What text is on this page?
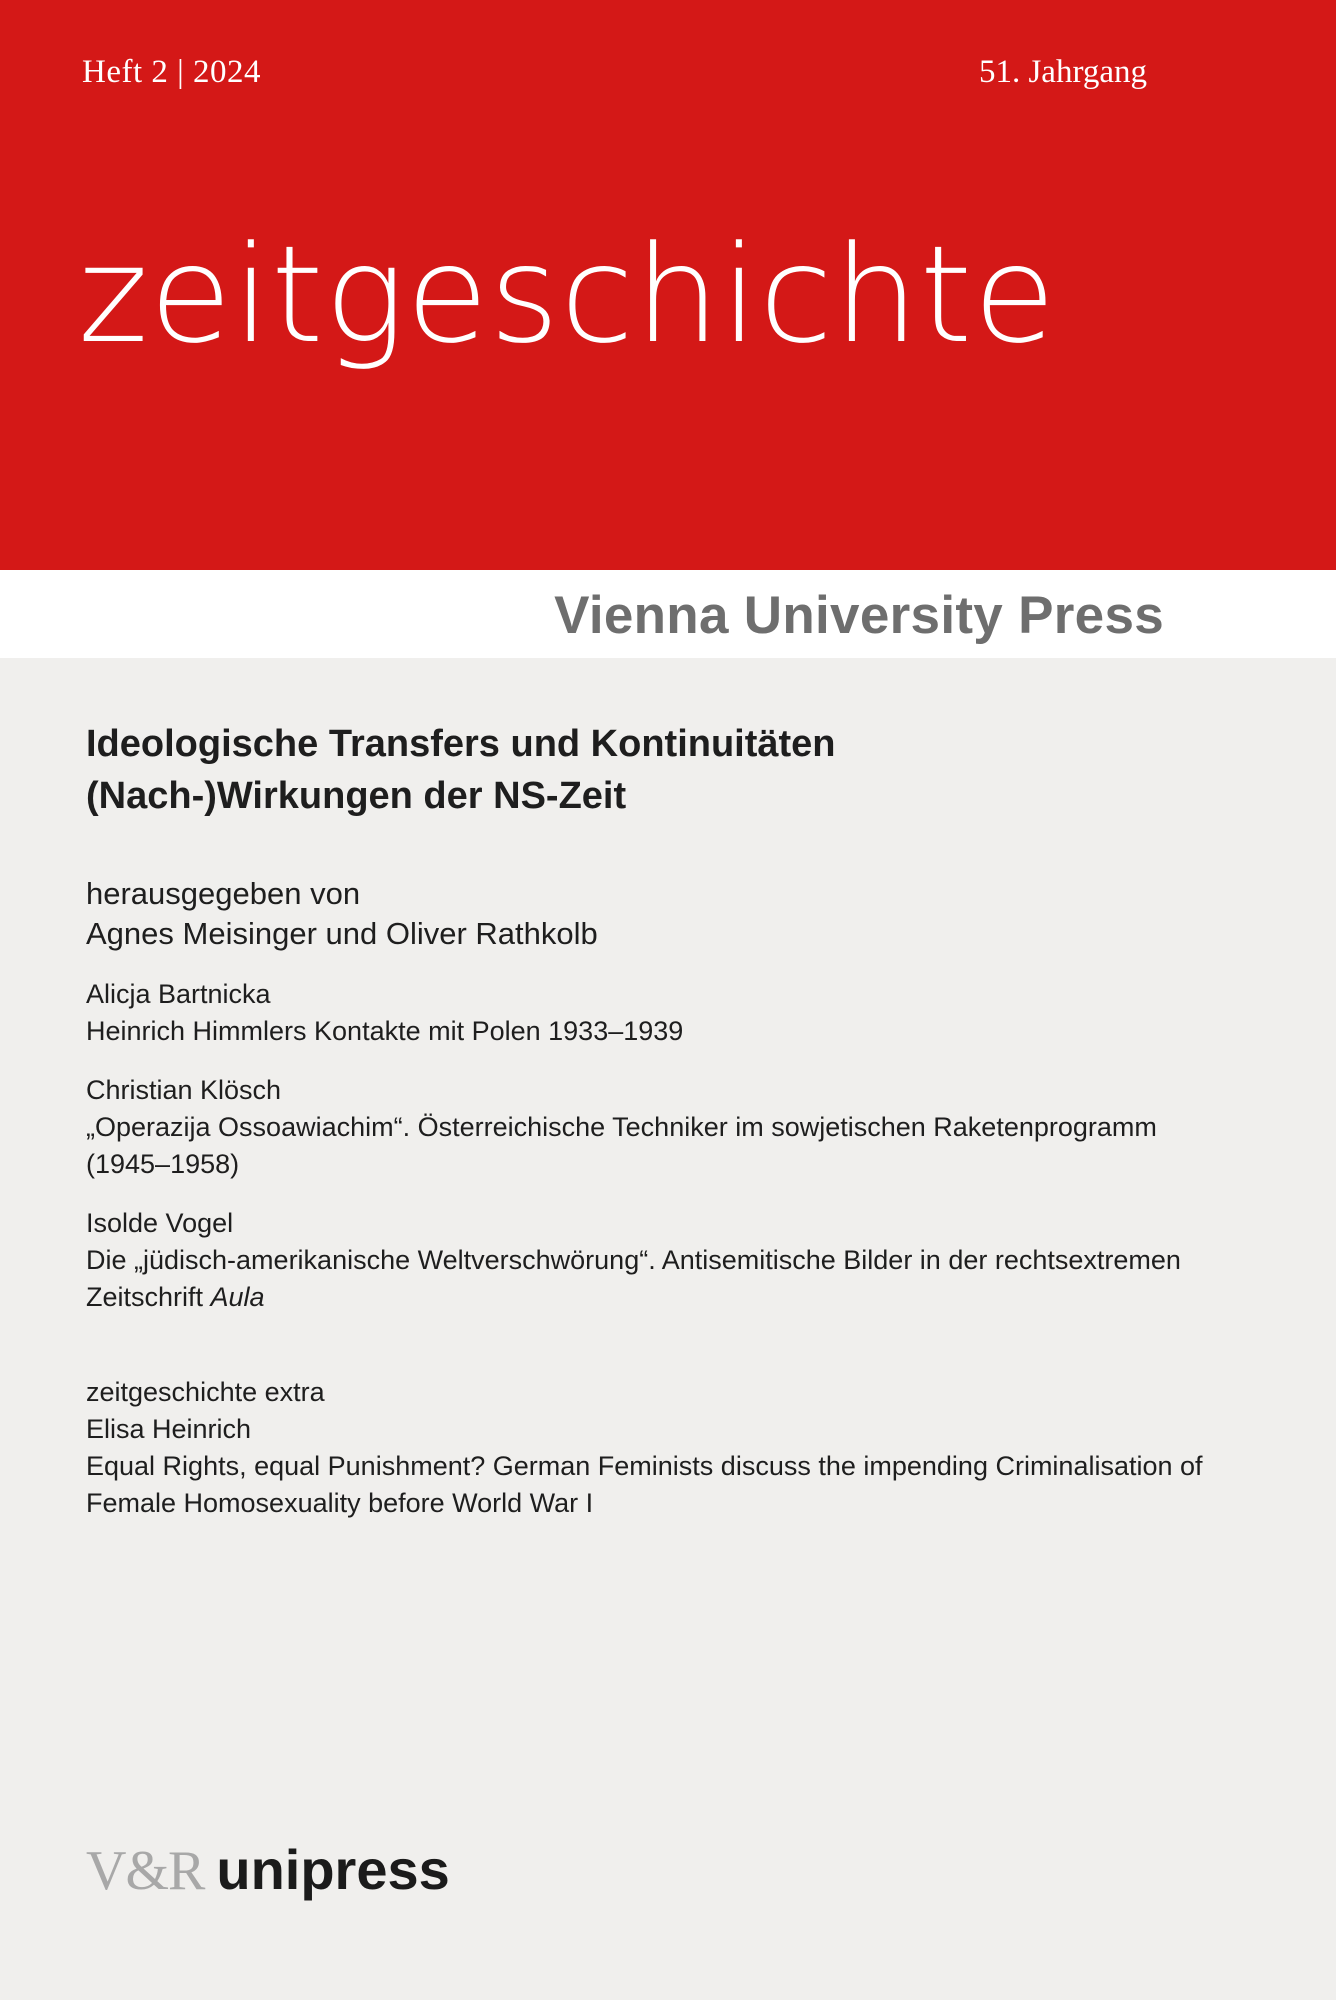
Heft 2 | 2024	51. Jahrgang
zeitgeschichte
Vienna University Press

Ideologische Transfers und Kontinuitäten

(Nach-)Wirkungen der NS-Zeit

herausgegeben von
Agnes Meisinger und Oliver Rathkolb
Alicja Bartnicka
Heinrich Himmlers Kontakte mit Polen 1933–1939
Christian Klösch
„Operazija Ossoawiachim“. Österreichische Techniker im sowjetischen Raketenprogramm
(1945–1958)
Isolde Vogel
Die „jüdisch-amerikanische Weltverschwörung“. Antisemitische Bilder in der rechtsextremen
Zeitschrift Aula
zeitgeschichte extra
Elisa Heinrich
Equal Rights, equal Punishment? German Feminists discuss the impending Criminalisation of
Female Homosexuality before World War I
V&R unipress
